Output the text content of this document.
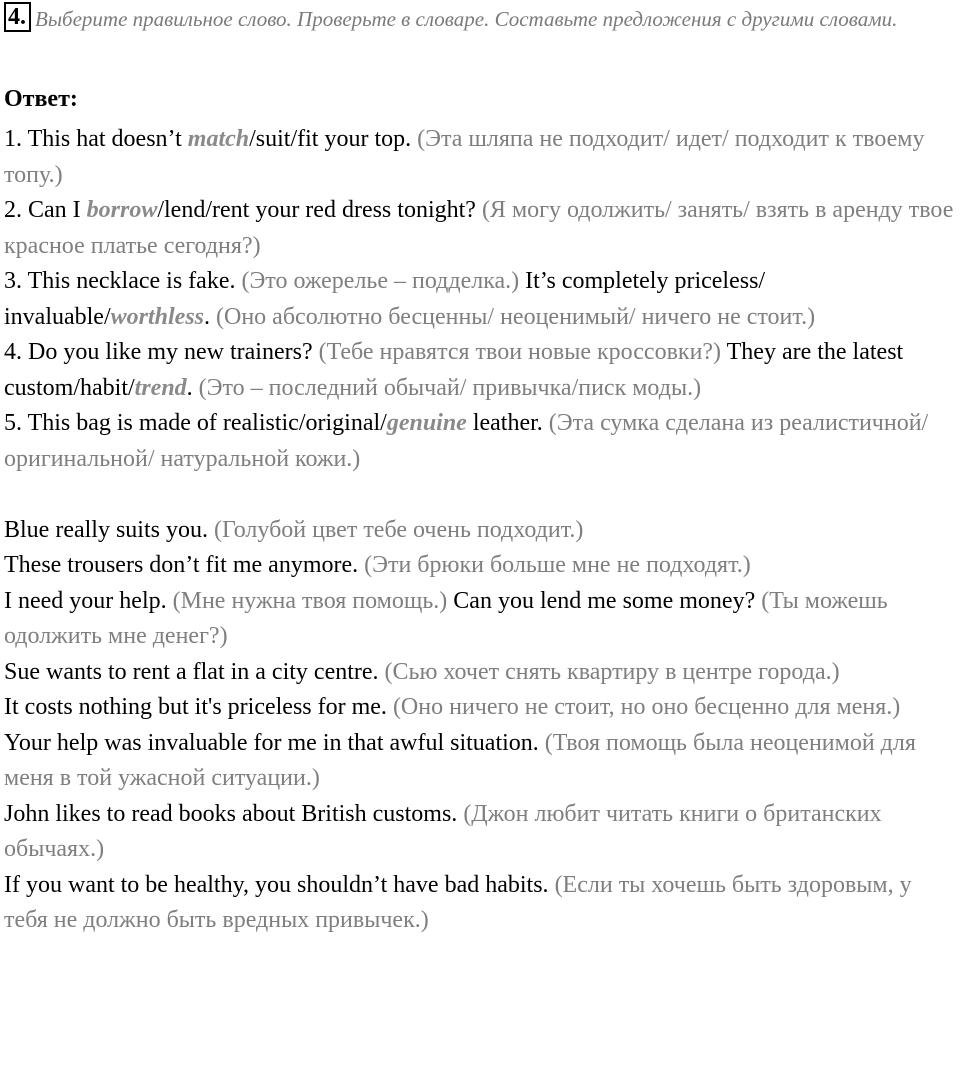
4. Выберите правильное слово. Проверьте в словаре. Составьте предложения с другими словами.
Ответ:

1. This hat doesn’t match/suit/fit your top. (Эта шляпа не подходит/ идет/ подходит к твоему топу.)

2. Can I borrow/lend/rent your red dress tonight? (Я могу одолжить/ занять/ взять в аренду твое красное платье сегодня?)

3. This necklace is fake. (Это ожерелье – подделка.) It’s completely priceless/ invaluable/worthless. (Оно абсолютно бесценны/ неоценимый/ ничего не стоит.)

4. Do you like my new trainers? (Тебе нравятся твои новые кроссовки?) They are the latest custom/habit/trend. (Это – последний обычай/ привычка/писк моды.)

5. This bag is made of realistic/original/genuine leather. (Эта сумка сделана из реалистичной/ оригинальной/ натуральной кожи.)

Blue really suits you. (Голубой цвет тебе очень подходит.)

These trousers don’t fit me anymore. (Эти брюки больше мне не подходят.)

I need your help. (Мне нужна твоя помощь.) Can you lend me some money? (Ты можешь одолжить мне денег?)

Sue wants to rent a flat in a city centre. (Сью хочет снять квартиру в центре города.)

It costs nothing but it's priceless for me. (Оно ничего не стоит, но оно бесценно для меня.)

Your help was invaluable for me in that awful situation. (Твоя помощь была неоценимой для меня в той ужасной ситуации.)

John likes to read books about British customs. (Джон любит читать книги о британских обычаях.)

If you want to be healthy, you shouldn’t have bad habits. (Если ты хочешь быть здоровым, у тебя не должно быть вредных привычек.)
